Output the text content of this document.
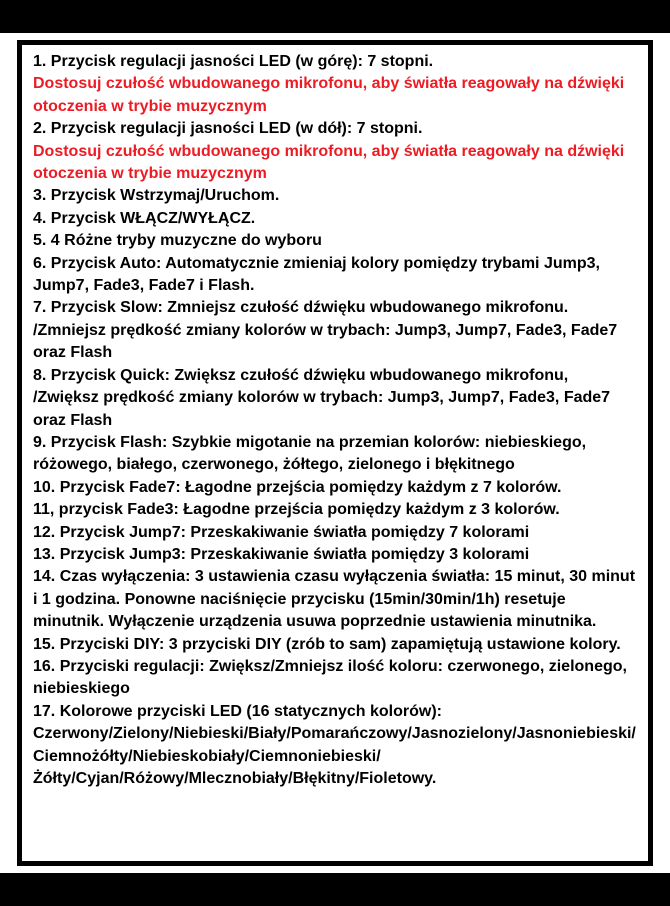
1. Przycisk regulacji jasności LED (w górę): 7 stopni.

Dostosuj czułość wbudowanego mikrofonu, aby światła reagowały na dźwięki otoczenia w trybie muzycznym

2. Przycisk regulacji jasności LED (w dół): 7 stopni.

Dostosuj czułość wbudowanego mikrofonu, aby światła reagowały na dźwięki otoczenia w trybie muzycznym

3. Przycisk Wstrzymaj/Uruchom.

4. Przycisk WŁĄCZ/WYŁĄCZ.

5. 4 Różne tryby muzyczne do wyboru

6. Przycisk Auto: Automatycznie zmieniaj kolory pomiędzy trybami Jump3, Jump7, Fade3, Fade7 i Flash.

7. Przycisk Slow: Zmniejsz czułość dźwięku wbudowanego mikrofonu. /Zmniejsz prędkość zmiany kolorów w trybach: Jump3, Jump7, Fade3, Fade7 oraz Flash

8. Przycisk Quick: Zwiększ czułość dźwięku wbudowanego mikrofonu, /Zwiększ prędkość zmiany kolorów w trybach: Jump3, Jump7, Fade3, Fade7 oraz Flash

9. Przycisk Flash: Szybkie migotanie na przemian kolorów: niebieskiego, różowego, białego, czerwonego, żółtego, zielonego i błękitnego

10. Przycisk Fade7: Łagodne przejścia pomiędzy każdym z 7 kolorów.

11, przycisk Fade3: Łagodne przejścia pomiędzy każdym z 3 kolorów.

12. Przycisk Jump7: Przeskakiwanie światła pomiędzy 7 kolorami

13. Przycisk Jump3: Przeskakiwanie światła pomiędzy 3 kolorami

14. Czas wyłączenia: 3 ustawienia czasu wyłączenia światła: 15 minut, 30 minut i 1 godzina. Ponowne naciśnięcie przycisku (15min/30min/1h) resetuje minutnik. Wyłączenie urządzenia usuwa poprzednie ustawienia minutnika.

15. Przyciski DIY: 3 przyciski DIY (zrób to sam) zapamiętują ustawione kolory.

16. Przyciski regulacji: Zwiększ/Zmniejsz ilość koloru: czerwonego, zielonego, niebieskiego

17. Kolorowe przyciski LED (16 statycznych kolorów): Czerwony/Zielony/Niebieski/Biały/Pomarańczowy/Jasnozielony/Jasnoniebieski/ Ciemnożółty/Niebieskobiały/Ciemnoniebieski/Żółty/Cyjan/Różowy/Mlecznobiały/Błękitny/Fioletowy.
